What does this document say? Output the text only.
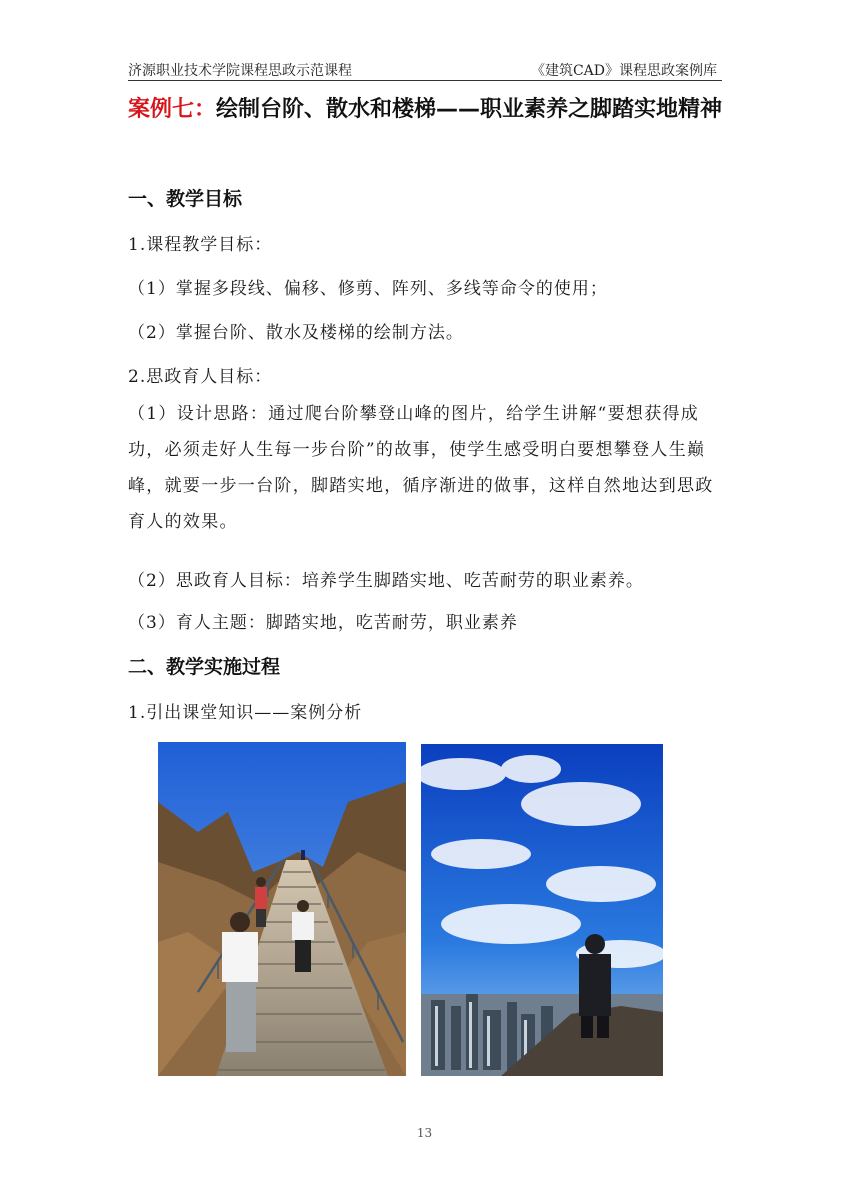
济源职业技术学院课程思政示范课程	《建筑CAD》课程思政案例库
案例七：绘制台阶、散水和楼梯——职业素养之脚踏实地精神
一、教学目标
1.课程教学目标：
（1）掌握多段线、偏移、修剪、阵列、多线等命令的使用；
（2）掌握台阶、散水及楼梯的绘制方法。
2.思政育人目标：
（1）设计思路：通过爬台阶攀登山峰的图片，给学生讲解“要想获得成功，必须走好人生每一步台阶”的故事，使学生感受明白要想攀登人生巅峰，就要一步一台阶，脚踏实地，循序渐进的做事，这样自然地达到思政育人的效果。
（2）思政育人目标：培养学生脚踏实地、吃苦耐劳的职业素养。
（3）育人主题：脚踏实地，吃苦耐劳，职业素养
二、教学实施过程
1.引出课堂知识——案例分析
13
